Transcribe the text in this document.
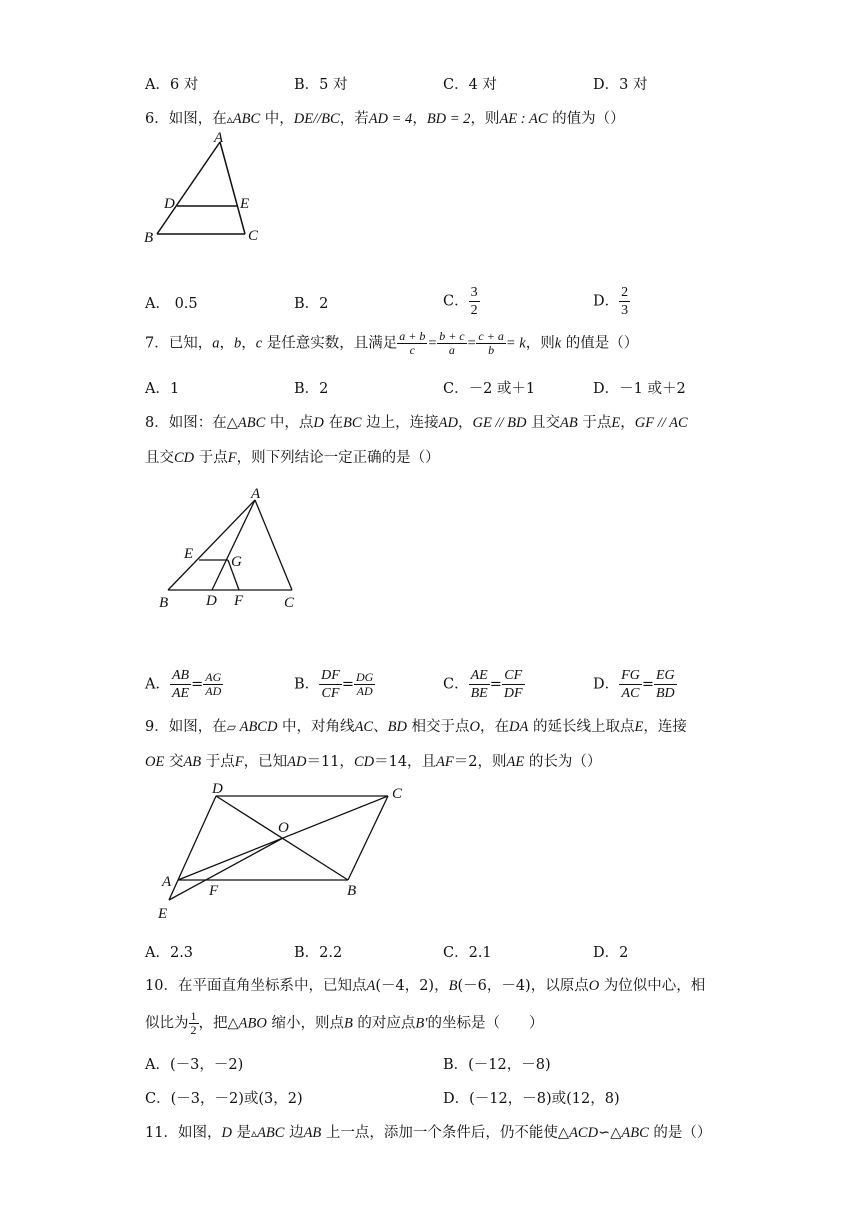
A．6 对	B．5 对	C．4 对	D．3 对
6．如图，在▵ABC 中，DE//BC，若AD = 4，BD = 2，则AE : AC 的值为（）
A
D	E
B	C
A． 0.5	B．2	C． $\frac{3}{2}$	D． $\frac{2}{3}$
7．已知，a，b，c 是任意实数，且满足 $\frac{a + b}{c} = \frac{b + c}{a} = \frac{c + a}{b} = k$，则k 的值是（）
A．1	B．2	C．－2 或＋1	D．－1 或＋2
8．如图：在△ABC 中，点D 在BC 边上，连接AD，GE // BD 且交AB 于点E，GF // AC
且交CD 于点F，则下列结论一定正确的是（）
A
E	G
B	D F	C
A． $\frac{AB}{AE} = \frac{AG}{AD}$	B． $\frac{DF}{CF} = \frac{DG}{AD}$	C． $\frac{AE}{BE} = \frac{CF}{DF}$	D． $\frac{FG}{AC} = \frac{EG}{BD}$
9．如图，在▱ ABCD 中，对角线AC、BD 相交于点O，在DA 的延长线上取点E，连接
OE 交AB 于点F，已知AD＝11，CD＝14，且AF＝2，则AE 的长为（）
D	C
O
A
F	B
E
A．2.3	B．2.2	C．2.1	D．2
10．在平面直角坐标系中，已知点A(－4，2)，B(－6，－4)，以原点O 为位似中心，相
似比为 $\frac{1}{2}$ ，把△ABO 缩小，则点B 的对应点B′的坐标是（　　）
A．(－3，－2)	B．(－12，－8)
C．(－3，－2)或(3，2)	D．(－12，－8)或(12，8)
11．如图，D 是▵ABC 边AB 上一点，添加一个条件后，仍不能使△ACD∽△ABC 的是（）
